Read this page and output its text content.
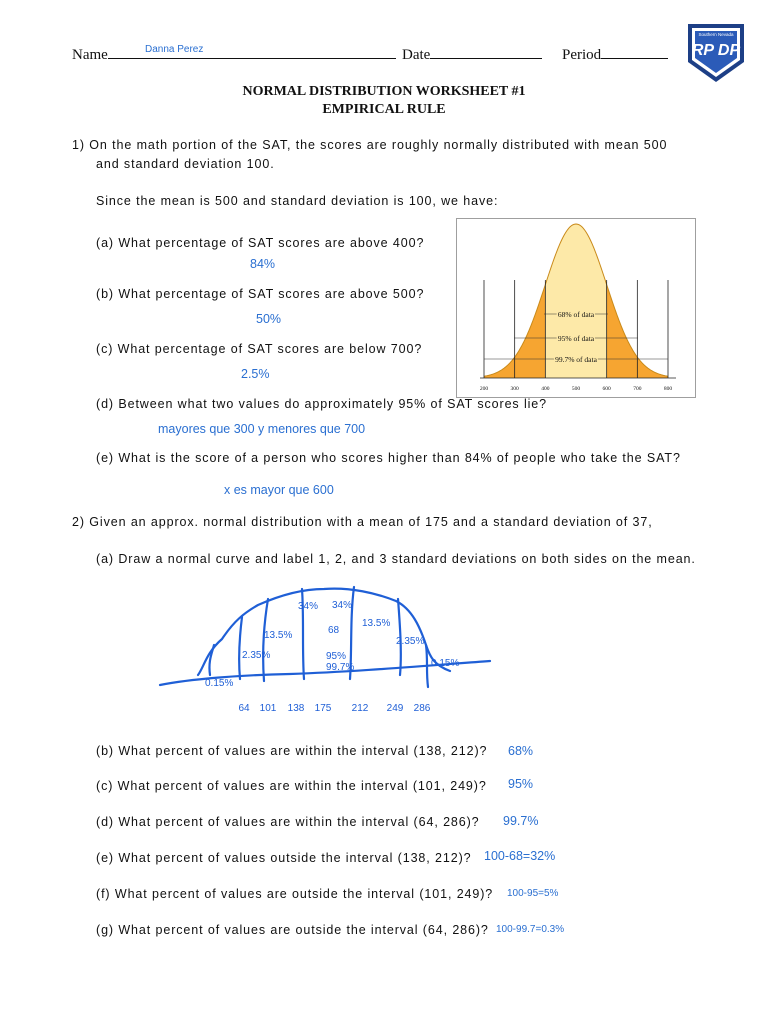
Name	Danna Perez	Date	Period
Southern Nevada
RP DP
NORMAL DISTRIBUTION WORKSHEET #1
EMPIRICAL RULE
1) On the math portion of the SAT, the scores are roughly normally distributed with mean 500
and standard deviation 100.
Since the mean is 500 and standard deviation is 100, we have:
(a) What percentage of SAT scores are above 400?
84%
(b) What percentage of SAT scores are above 500?
50%
(c) What percentage of SAT scores are below 700?
2.5%
(d) Between what two values do approximately 95% of SAT scores lie?
mayores que 300 y menores que 700
(e) What is the score of a person who scores higher than 84% of people who take the SAT?
x es mayor que 600
68% of data
95% of data
99.7% of data
200	300	400	500	600	700	800
2) Given an approx. normal distribution with a mean of 175 and a standard deviation of 37,
(a) Draw a normal curve and label 1, 2, and 3 standard deviations on both sides on the mean.
34% 34%
13.5%
13.5%
68
2.35%
2.35%
95%
99.7%
0.15%
0.15%
64 101 138 175 212 249 286
(b) What percent of values are within the interval (138, 212)? 68%
(c) What percent of values are within the interval (101, 249)? 95%
(d) What percent of values are within the interval (64, 286)? 99.7%
(e) What percent of values outside the interval (138, 212)? 100-68=32%
(f) What percent of values are outside the interval (101, 249)? 100-95=5%
(g) What percent of values are outside the interval (64, 286)? 100-99.7=0.3%
